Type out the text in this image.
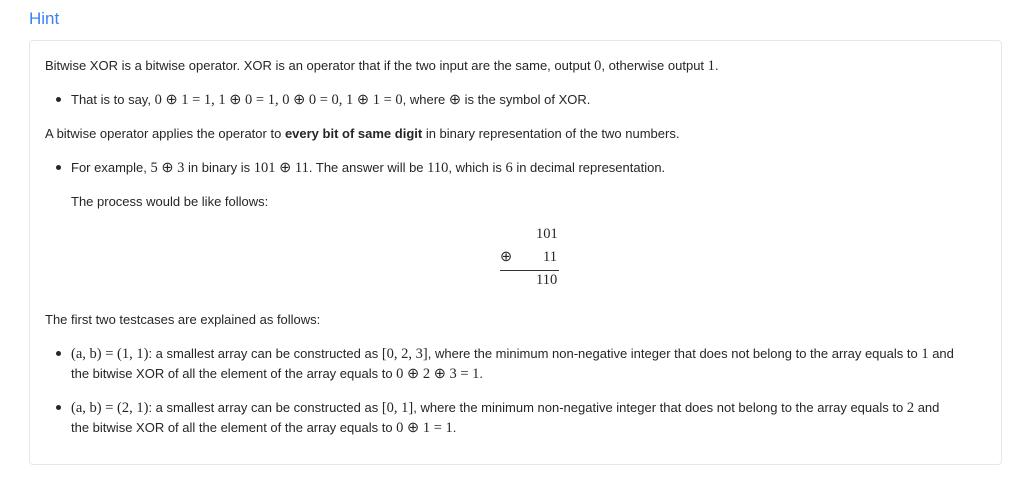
Hint
Bitwise XOR is a bitwise operator. XOR is an operator that if the two input are the same, output 0, otherwise output 1.
That is to say, 0 ⊕ 1 = 1, 1 ⊕ 0 = 1, 0 ⊕ 0 = 0, 1 ⊕ 1 = 0, where ⊕ is the symbol of XOR.
A bitwise operator applies the operator to every bit of same digit in binary representation of the two numbers.
For example, 5 ⊕ 3 in binary is 101 ⊕ 11. The answer will be 110, which is 6 in decimal representation.
The process would be like follows:
101
⊕ 11
110
The first two testcases are explained as follows:
(a, b) = (1, 1): a smallest array can be constructed as [0, 2, 3], where the minimum non-negative integer that does not belong to the array equals to 1 and
the bitwise XOR of all the element of the array equals to 0 ⊕ 2 ⊕ 3 = 1.
(a, b) = (2, 1): a smallest array can be constructed as [0, 1], where the minimum non-negative integer that does not belong to the array equals to 2 and
the bitwise XOR of all the element of the array equals to 0 ⊕ 1 = 1.
